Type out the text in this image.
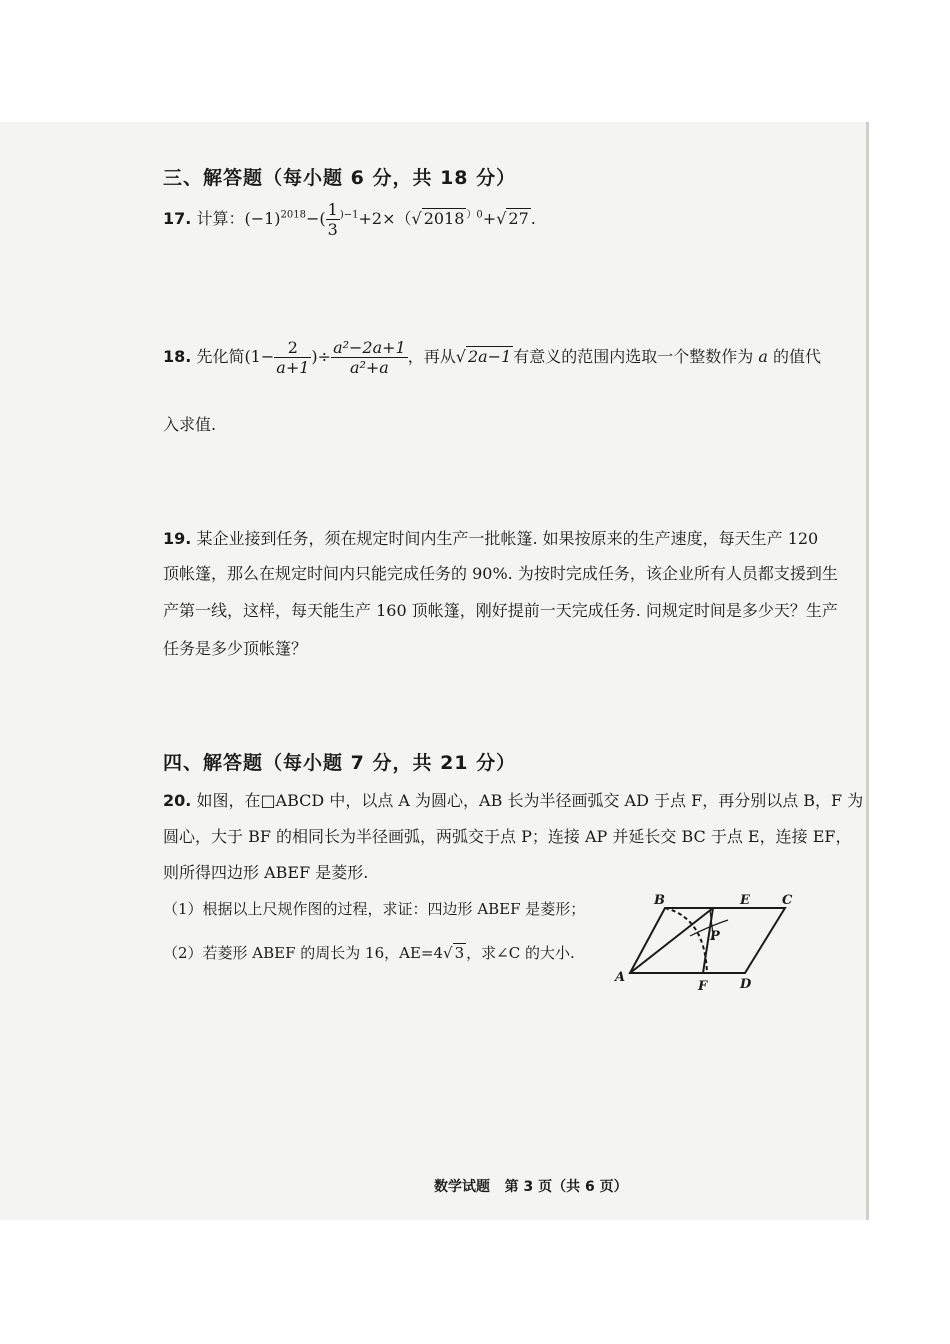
三、解答题（每小题 6 分，共 18 分）
17. 计算：$(-1)^{2018}-( \frac{1}{3} ^{)-1}+2\times(√$ 2018 $^{)0}$+√ 27 .
18. 先化简($1- \frac{2}{a+1}$ )÷ $\frac{\text{a²−2a+1}}{\text{a²+a}}$ ，再从√ 2a−1 有意义的范围内选取一个整数作为 a 的值代
入求值.
19. 某企业接到任务，须在规定时间内生产一批帐篷. 如果按原来的生产速度，每天生产 120
顶帐篷，那么在规定时间内只能完成任务的 90%. 为按时完成任务，该企业所有人员都支援到生
产第一线，这样，每天能生产 160 顶帐篷，刚好提前一天完成任务. 问规定时间是多少天？生产
任务是多少顶帐篷？
四、解答题（每小题 7 分，共 21 分）
20. 如图，在□ABCD 中，以点 A 为圆心，AB 长为半径画弧交 AD 于点 F，再分别以点 B，F 为
圆心，大于 BF 的相同长为半径画弧，两弧交于点 P；连接 AP 并延长交 BC 于点 E，连接 EF，
则所得四边形 ABEF 是菱形.
（1）根据以上尺规作图的过程，求证：四边形 ABEF 是菱形；
（2）若菱形 ABEF 的周长为 16，AE=4√ 3 ，求∠C 的大小.
A
B	C
D
E
F
P
数学试题 第 3 页（共 6 页）
